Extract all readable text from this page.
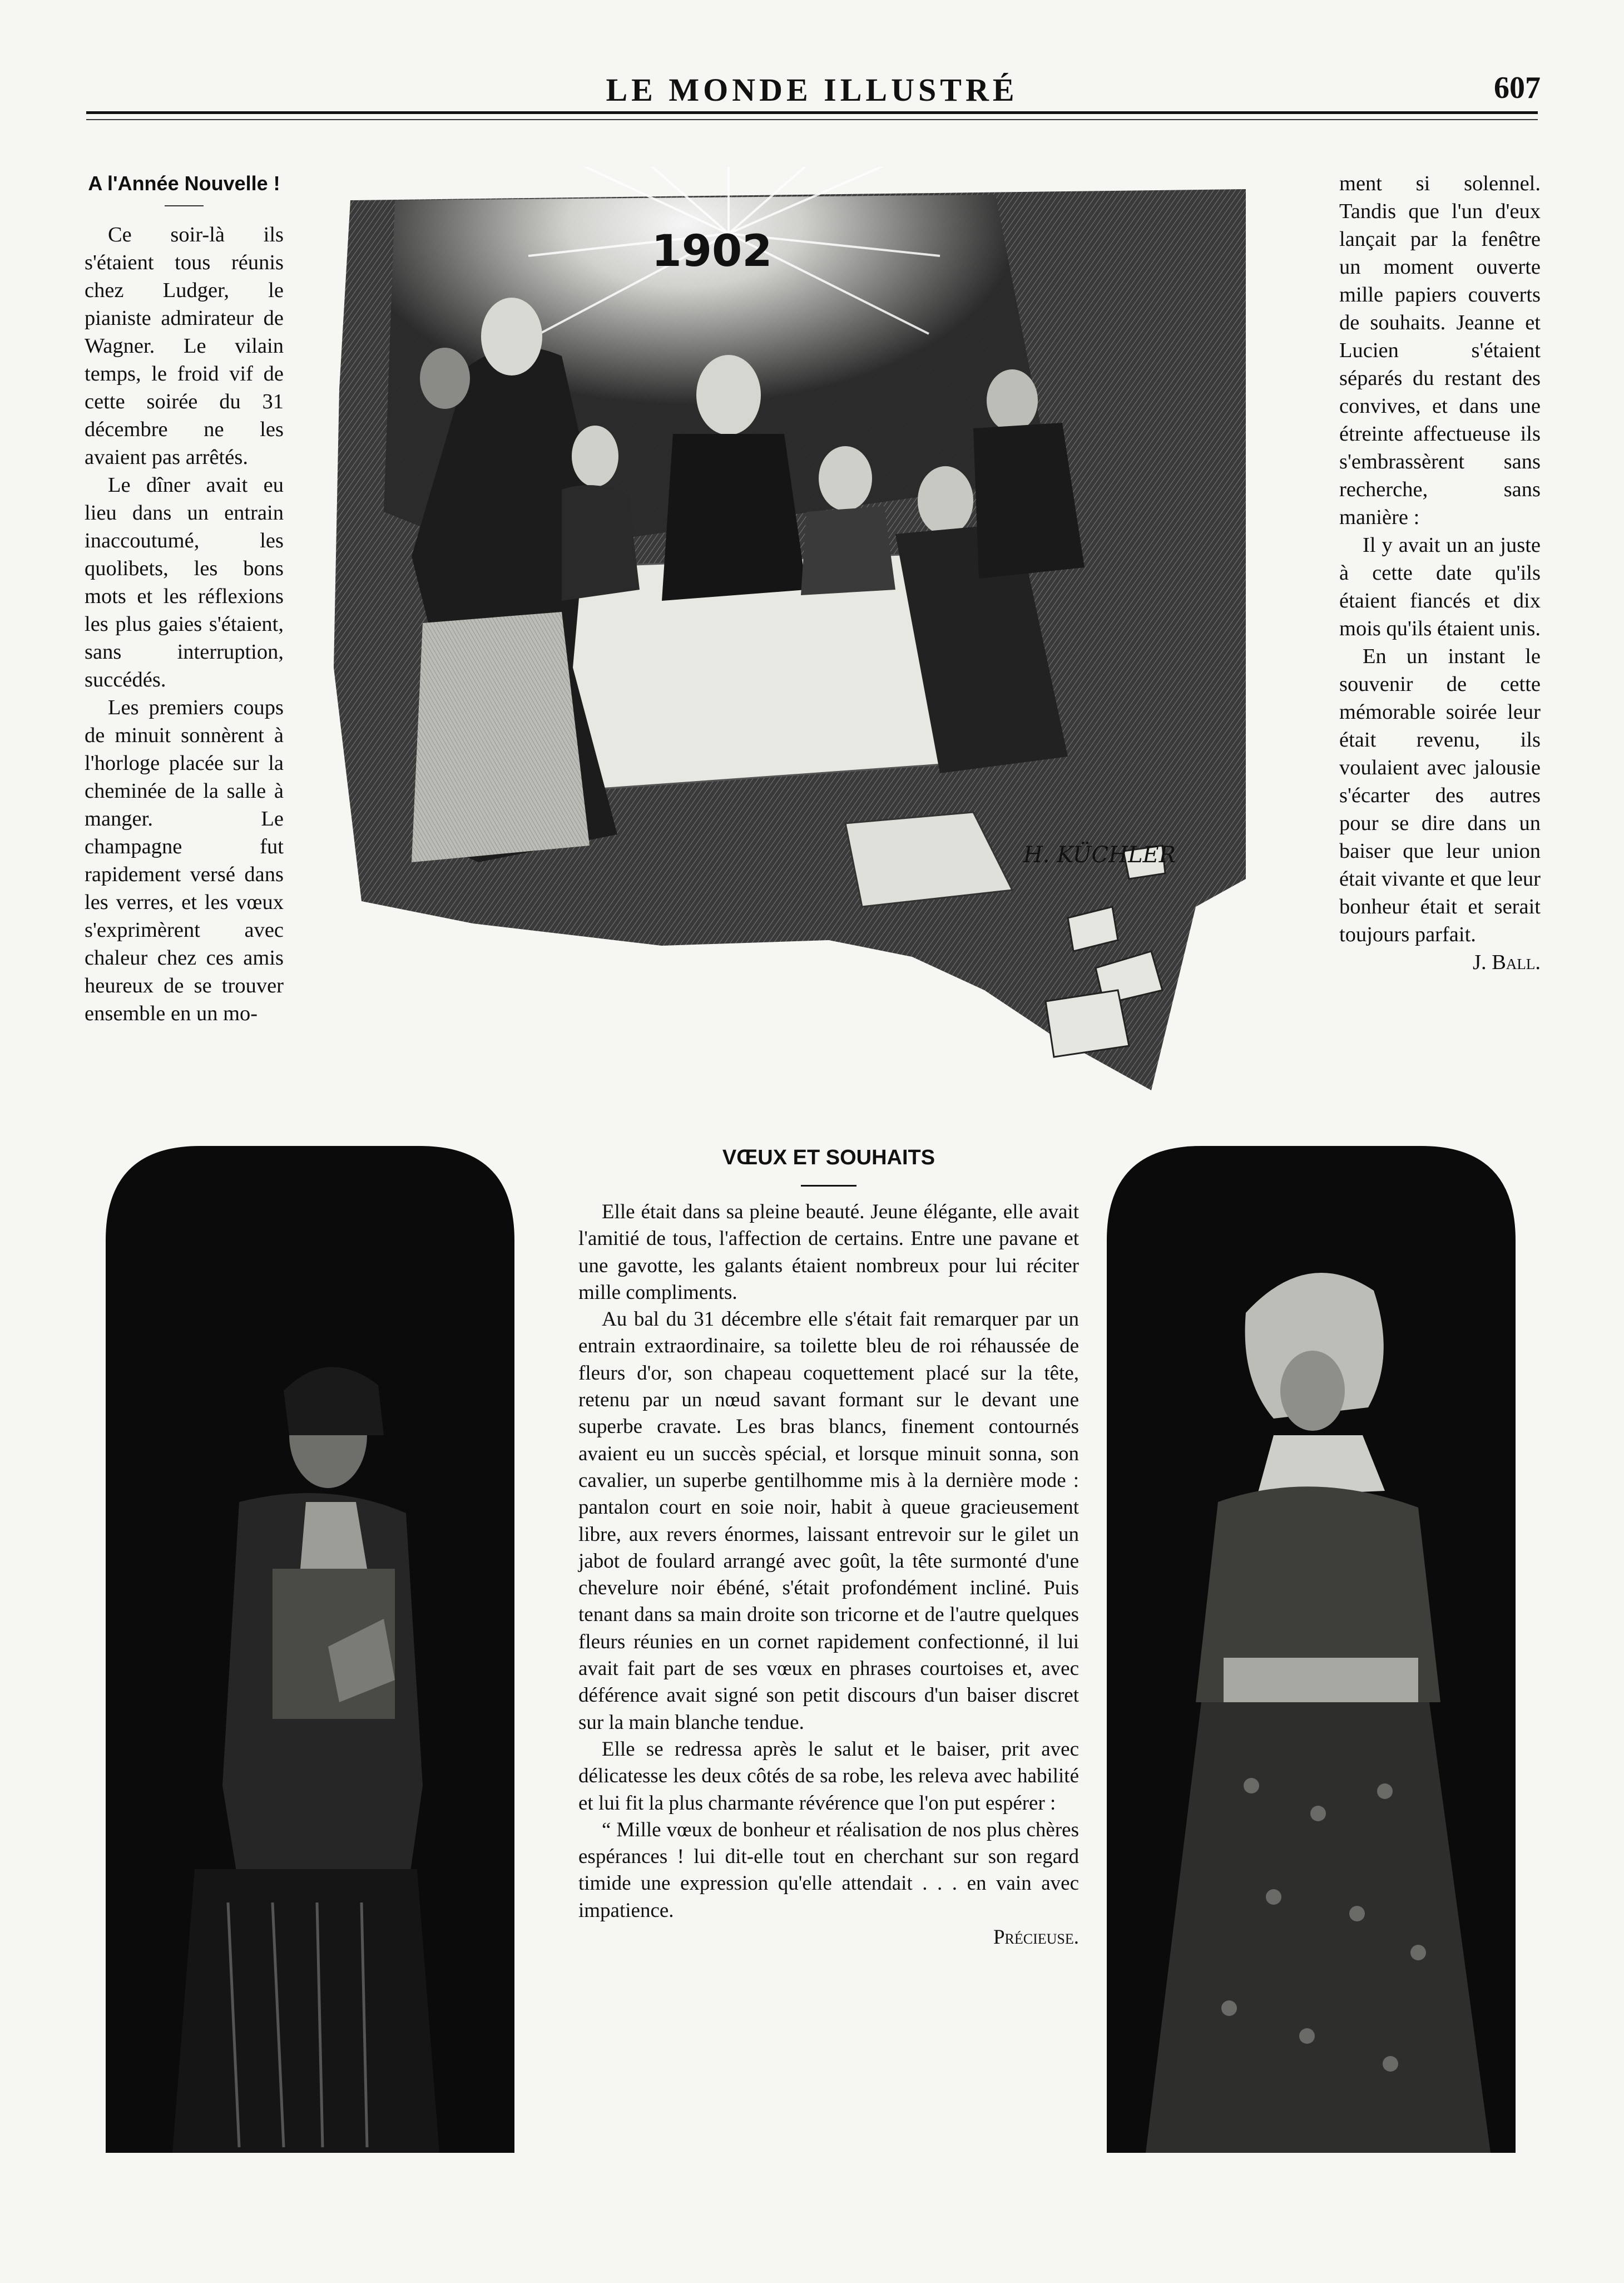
LE MONDE ILLUSTRÉ	607
A l'Année Nouvelle !

Ce soir-là ils s'étaient tous réunis chez Ludger, le pianiste admirateur de Wagner. Le vilain temps, le froid vif de cette soirée du 31 décembre ne les avaient pas arrêtés.

Le dîner avait eu lieu dans un entrain inaccoutumé, les quolibets, les bons mots et les réflexions les plus gaies s'étaient, sans interruption, succédés.

Les premiers coups de minuit sonnèrent à l'horloge placée sur la cheminée de la salle à manger. Le champagne fut rapidement versé dans les verres, et les vœux s'exprimèrent avec chaleur chez ces amis heureux de se trouver ensemble en un mo-

1902
H. KÜCHLER

ment si solennel. Tandis que l'un d'eux lançait par la fenêtre un moment ouverte mille papiers couverts de souhaits. Jeanne et Lucien s'étaient séparés du restant des convives, et dans une étreinte affectueuse ils s'embrassèrent sans recherche, sans manière :

Il y avait un an juste à cette date qu'ils étaient fiancés et dix mois qu'ils étaient unis.

En un instant le souvenir de cette mémorable soirée leur était revenu, ils voulaient avec jalousie s'écarter des autres pour se dire dans un baiser que leur union était vivante et que leur bonheur était et serait toujours parfait.

J. Ball.
VŒUX ET SOUHAITS

Elle était dans sa pleine beauté. Jeune élégante, elle avait l'amitié de tous, l'affection de certains. Entre une pavane et une gavotte, les galants étaient nombreux pour lui réciter mille compliments.

Au bal du 31 décembre elle s'était fait remarquer par un entrain extraordinaire, sa toilette bleu de roi réhaussée de fleurs d'or, son chapeau coquettement placé sur la tête, retenu par un nœud savant formant sur le devant une superbe cravate. Les bras blancs, finement contournés avaient eu un succès spécial, et lorsque minuit sonna, son cavalier, un superbe gentilhomme mis à la dernière mode : pantalon court en soie noir, habit à queue gracieusement libre, aux revers énormes, laissant entrevoir sur le gilet un jabot de foulard arrangé avec goût, la tête surmonté d'une chevelure noir ébéné, s'était profondément incliné. Puis tenant dans sa main droite son tricorne et de l'autre quelques fleurs réunies en un cornet rapidement confectionné, il lui avait fait part de ses vœux en phrases courtoises et, avec déférence avait signé son petit discours d'un baiser discret sur la main blanche tendue.

Elle se redressa après le salut et le baiser, prit avec délicatesse les deux côtés de sa robe, les releva avec habilité et lui fit la plus charmante révérence que l'on put espérer :

“ Mille vœux de bonheur et réalisation de nos plus chères espérances ! lui dit-elle tout en cherchant sur son regard timide une expression qu'elle attendait . . . en vain avec impatience.

Précieuse.
